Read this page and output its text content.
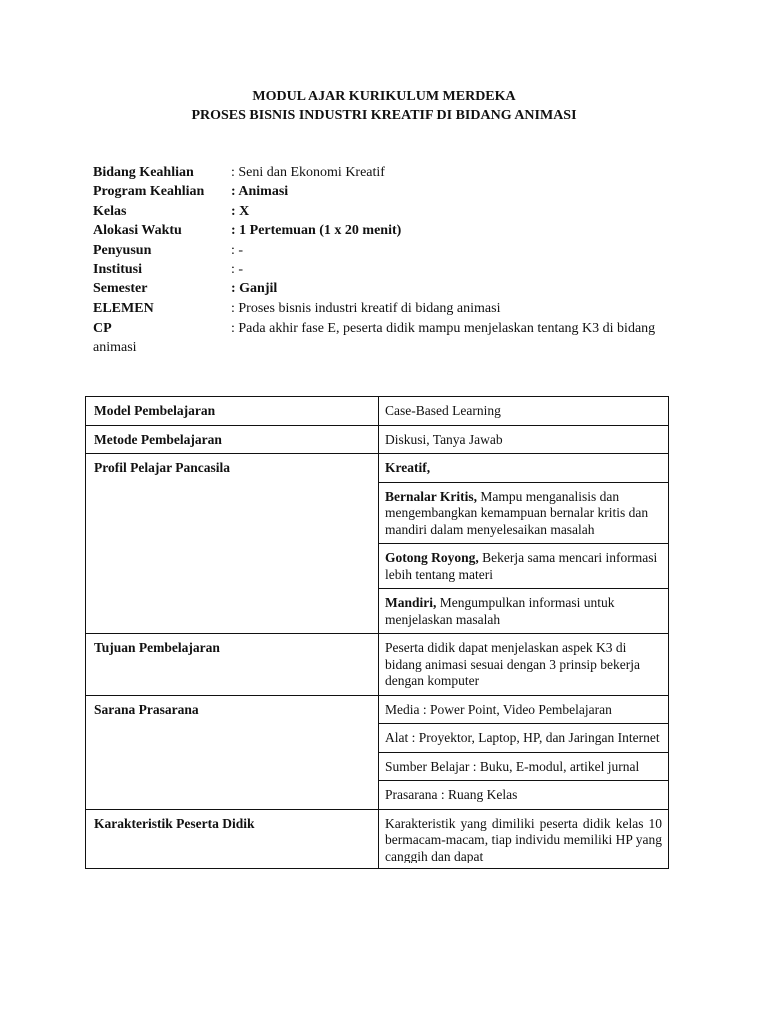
MODUL AJAR KURIKULUM MERDEKA
PROSES BISNIS INDUSTRI KREATIF DI BIDANG ANIMASI
Bidang Keahlian	: Seni dan Ekonomi Kreatif
Program Keahlian	: Animasi
Kelas	: X
Alokasi Waktu	: 1 Pertemuan (1 x 20 menit)
Penyusun	: -
Institusi	: -
Semester	: Ganjil
ELEMEN	: Proses bisnis industri kreatif di bidang animasi
CP	: Pada akhir fase E, peserta didik mampu menjelaskan tentang K3 di bidang animasi
Model Pembelajaran	Case-Based Learning
Metode Pembelajaran	Diskusi, Tanya Jawab
Profil Pelajar Pancasila	Kreatif,
	Bernalar Kritis, Mampu menganalisis dan mengembangkan kemampuan bernalar kritis dan mandiri dalam menyelesaikan masalah
	Gotong Royong, Bekerja sama mencari informasi lebih tentang materi
	Mandiri, Mengumpulkan informasi untuk menjelaskan masalah
Tujuan Pembelajaran	Peserta didik dapat menjelaskan aspek K3 di bidang animasi sesuai dengan 3 prinsip bekerja dengan komputer
Sarana Prasarana	Media : Power Point, Video Pembelajaran
	Alat : Proyektor, Laptop, HP, dan Jaringan Internet
	Sumber Belajar : Buku, E-modul, artikel jurnal
	Prasarana : Ruang Kelas
Karakteristik Peserta Didik	Karakteristik yang dimiliki peserta didik kelas 10 bermacam-macam, tiap individu memiliki HP yang canggih dan dapat
